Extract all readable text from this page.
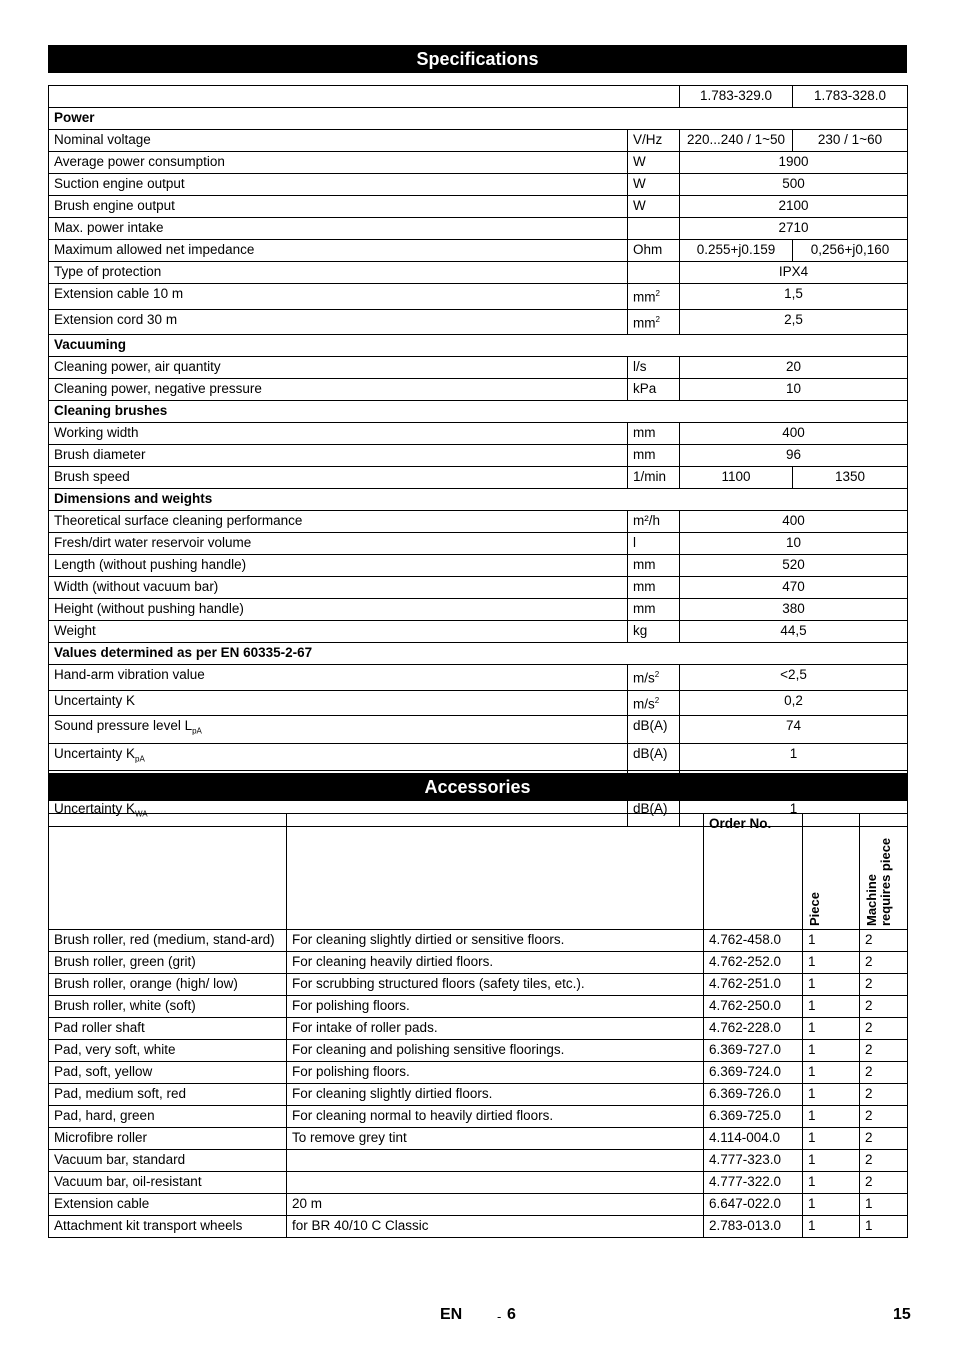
Specifications
		1.783-329.0	1.783-328.0
Power			
Nominal voltage	V/Hz	220...240 / 1~50	230 / 1~60
Average power consumption	W	1900	
Suction engine output	W	500	
Brush engine output	W	2100	
Max. power intake		2710	
Maximum allowed net impedance	Ohm	0.255+j0.159	0,256+j0,160
Type of protection		IPX4	
Extension cable 10 m	$mm^2$	1,5	
Extension cord 30 m	$mm^2$	2,5	
Vacuuming			
Cleaning power, air quantity	l/s	20	
Cleaning power, negative pressure	kPa	10	
Cleaning brushes			
Working width	mm	400	
Brush diameter	mm	96	
Brush speed	1/min	1100	1350
Dimensions and weights			
Theoretical surface cleaning performance	m²/h	400	
Fresh/dirt water reservoir volume	l	10	
Length (without pushing handle)	mm	520	
Width (without vacuum bar)	mm	470	
Height (without pushing handle)	mm	380	
Weight	kg	44,5	
Values determined as per EN 60335-2-67			
Hand-arm vibration value	$m/s^2$	<2,5	
Uncertainty K	$m/s^2$	0,2	
Sound pressure level $L_{pA}$	dB(A)	74	
Uncertainty $K_{pA}$	dB(A)	1	

Uncertainty $K_{WA}$	dB(A)	1	
Accessories
		Order No.	Piece	Machine requires piece

Brush roller, red (medium, stand-ard)	For cleaning slightly dirtied or sensitive floors.	4.762-458.0	1	2
Brush roller, green (grit)	For cleaning heavily dirtied floors.	4.762-252.0	1	2
Brush roller, orange (high/ low)	For scrubbing structured floors (safety tiles, etc.).	4.762-251.0	1	2
Brush roller, white (soft)	For polishing floors.	4.762-250.0	1	2
Pad roller shaft	For intake of roller pads.	4.762-228.0	1	2
Pad, very soft, white	For cleaning and polishing sensitive floorings.	6.369-727.0	1	2
Pad, soft, yellow	For polishing floors.	6.369-724.0	1	2
Pad, medium soft, red	For cleaning slightly dirtied floors.	6.369-726.0	1	2
Pad, hard, green	For cleaning normal to heavily dirtied floors.	6.369-725.0	1	2
Microfibre roller	To remove grey tint	4.114-004.0	1	2
Vacuum bar, standard		4.777-323.0	1	2
Vacuum bar, oil-resistant		4.777-322.0	1	2
Extension cable	20 m	6.647-022.0	1	1
Attachment kit transport wheels	for BR 40/10 C Classic	2.783-013.0	1	1
EN	- 6	15
